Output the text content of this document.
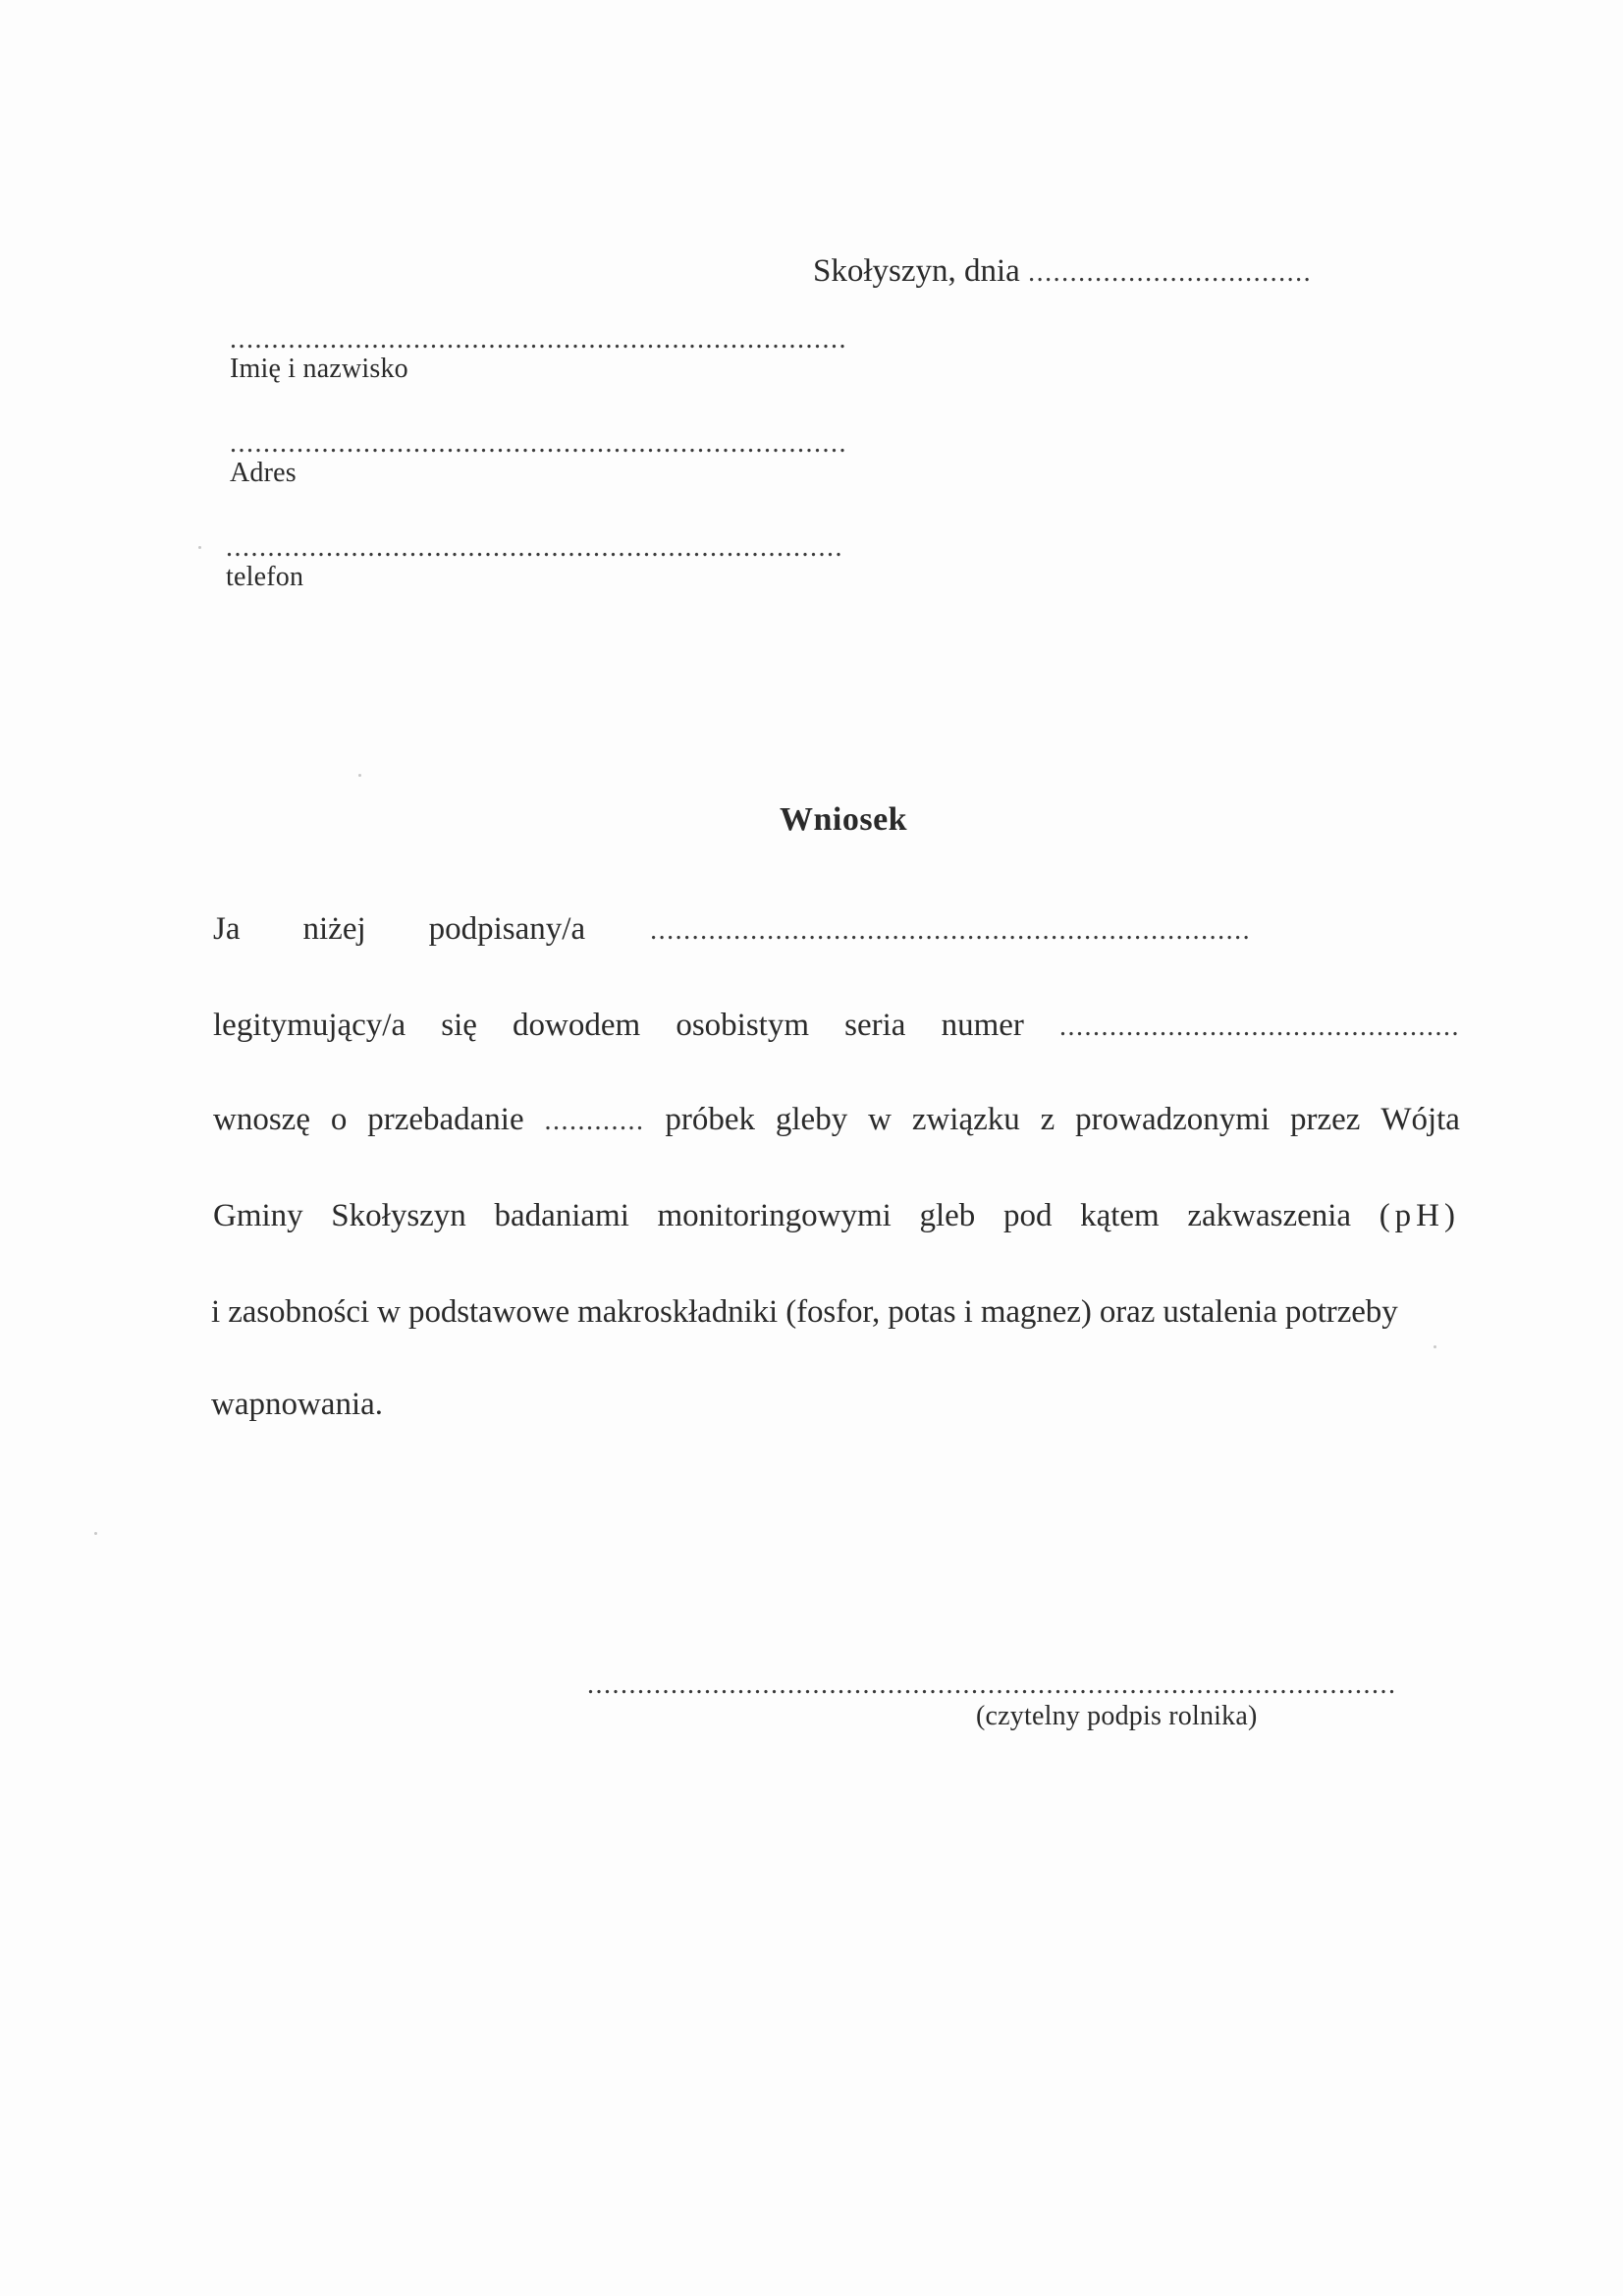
Skołyszyn, dnia ..................................
..........................................................................
Imię i nazwisko
..........................................................................
Adres
..........................................................................
telefon
Wniosek
Ja niżej podpisany/a ........................................................................
legitymujący/a się dowodem osobistym seria numer ................................................
wnoszę o przebadanie ............ próbek gleby w związku z prowadzonymi przez Wójta
Gminy Skołyszyn badaniami monitoringowymi gleb pod kątem zakwaszenia (pH)
i zasobności w podstawowe makroskładniki (fosfor, potas i magnez) oraz ustalenia potrzeby
wapnowania.
.................................................................................................
(czytelny podpis rolnika)
